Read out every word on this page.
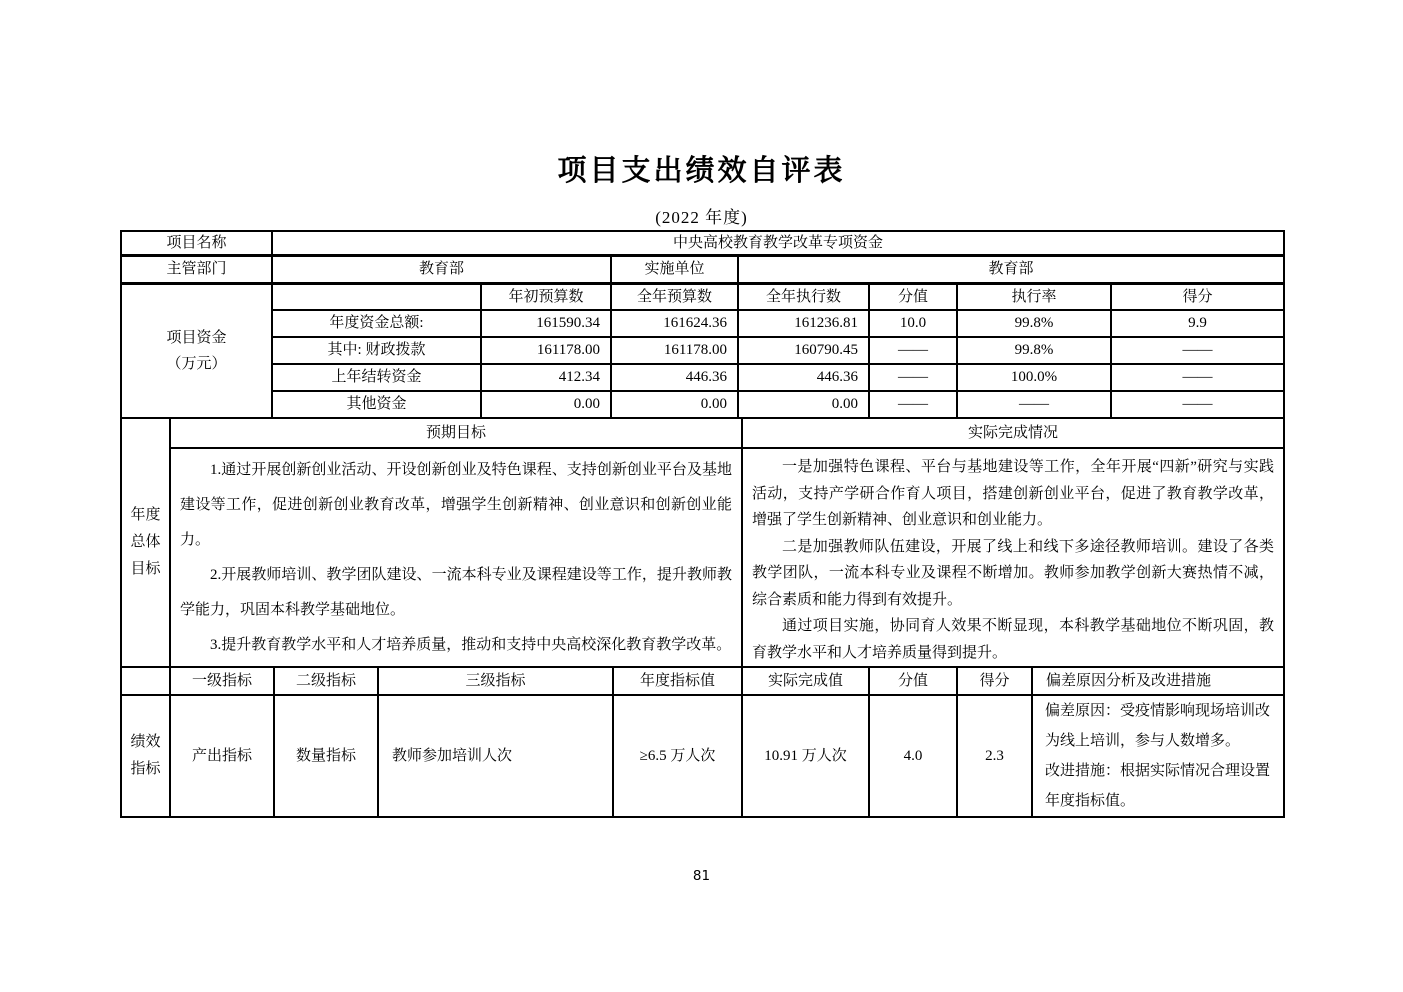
项目支出绩效自评表
(2022 年度)
项目名称	中央高校教育教学改革专项资金						
主管部门	教育部		实施单位	教育部			

项目资金
（万元）		年初预算数	全年预算数	全年执行数	分值	执行率	得分
	年度资金总额:	161590.34	161624.36	161236.81	10.0	99.8%	9.9
	其中: 财政拨款	161178.00	161178.00	160790.45	——	99.8%	——
	上年结转资金	412.34	446.36	446.36	——	100.0%	——
	其他资金	0.00	0.00	0.00	——	——	——
年度总体目标	预期目标	实际完成情况

1.通过开展创新创业活动、开设创新创业及特色课程、支持创新创业平台及基地建设等工作，促进创新创业教育改革，增强学生创新精神、创业意识和创新创业能力。

2.开展教师培训、教学团队建设、一流本科专业及课程建设等工作，提升教师教学能力，巩固本科教学基础地位。

3.提升教育教学水平和人才培养质量，推动和支持中央高校深化教育教学改革。

一是加强特色课程、平台与基地建设等工作，全年开展“四新”研究与实践活动，支持产学研合作育人项目，搭建创新创业平台，促进了教育教学改革，增强了学生创新精神、创业意识和创业能力。

二是加强教师队伍建设，开展了线上和线下多途径教师培训。建设了各类教学团队，一流本科专业及课程不断增加。教师参加教学创新大赛热情不减，综合素质和能力得到有效提升。

通过项目实施，协同育人效果不断显现，本科教学基础地位不断巩固，教育教学水平和人才培养质量得到提升。

	一级指标	二级指标	三级指标	年度指标值	实际完成值	分值	得分	偏差原因分析及改进措施

绩效指标	产出指标	数量指标	教师参加培训人次	≥6.5 万人次	10.91 万人次	4.0	2.3	偏差原因：受疫情影响现场培训改为线上培训，参与人数增多。
改进措施：根据实际情况合理设置年度指标值。
81
